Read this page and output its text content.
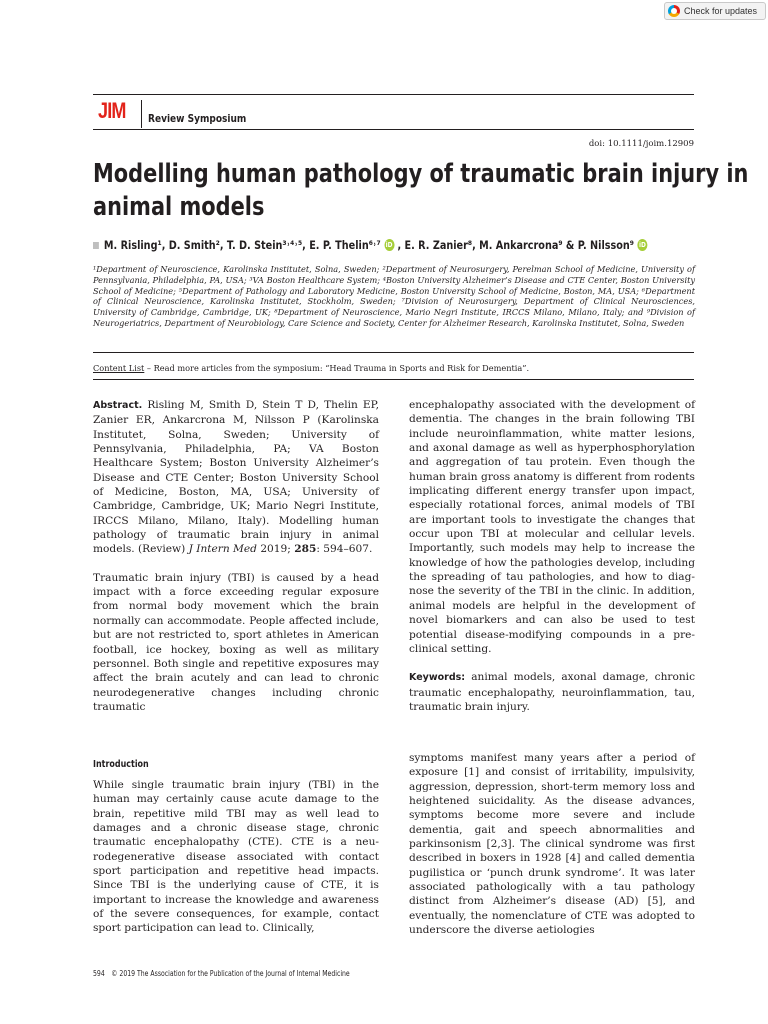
Check for updates
JIM Review Symposium
doi: 10.1111/joim.12909
Modelling human pathology of traumatic brain injury in
animal models
M. Risling¹, D. Smith², T. D. Stein³˒⁴˒⁵, E. P. Thelin⁶˒⁷ iD , E. R. Zanier⁸, M. Ankarcrona⁹ & P. Nilsson⁹ iD
¹Department of Neuroscience, Karolinska Institutet, Solna, Sweden; ²Department of Neurosurgery, Perelman School of Medicine, University of Pennsylvania, Philadelphia, PA, USA; ³VA Boston Healthcare System; ⁴Boston University Alzheimer’s Disease and CTE Center, Boston University School of Medicine; ⁵Department of Pathology and Laboratory Medicine, Boston University School of Medicine, Boston, MA, USA; ⁶Department of Clinical Neuroscience, Karolinska Institutet, Stockholm, Sweden; ⁷Division of Neurosurgery, Department of Clinical Neurosciences, University of Cambridge, Cambridge, UK; ⁸Department of Neuroscience, Mario Negri Institute, IRCCS Milano, Milano, Italy; and ⁹Division of Neurogeriatrics, Department of Neurobiology, Care Science and Society, Center for Alzheimer Research, Karolinska Institutet, Solna, Sweden
Content List – Read more articles from the symposium: “Head Trauma in Sports and Risk for Dementia”.

Abstract. Risling M, Smith D, Stein T D, Thelin EP, Zanier ER, Ankarcrona M, Nilsson P (Karolinska Institutet, Solna, Sweden; University of Pennsylvania, Philadelphia, PA; VA Boston Healthcare System; Boston University Alzheimer’s Disease and CTE Center; Boston University School of Medicine, Boston, MA, USA; University of Cambridge, Cambridge, UK; Mario Negri Institute, IRCCS Milano, Milano, Italy). Modelling human pathology of traumatic brain injury in animal models. (Review) J Intern Med 2019; 285: 594–607.

Traumatic brain injury (TBI) is caused by a head impact with a force exceeding regular exposure from normal body movement which the brain normally can accommodate. People affected include, but are not restricted to, sport athletes in American football, ice hockey, boxing as well as military personnel. Both single and repetitive exposures may affect the brain acutely and can lead to chronic neurodegenerative changes including chronic traumatic

encephalopathy associated with the development of dementia. The changes in the brain following TBI include neuroinflammation, white matter lesions, and axonal damage as well as hyperphosphorylation and aggregation of tau protein. Even though the human brain gross anatomy is different from rodents implicating different energy transfer upon impact, especially rotational forces, animal models of TBI are important tools to investigate the changes that occur upon TBI at molecular and cellular levels. Importantly, such models may help to increase the knowledge of how the pathologies develop, including the spreading of tau pathologies, and how to diagnose the severity of the TBI in the clinic. In addition, animal models are helpful in the development of novel biomarkers and can also be used to test potential disease-modifying compounds in a pre-clinical setting.

Keywords: animal models, axonal damage, chronic traumatic encephalopathy, neuroinflammation, tau, traumatic brain injury.

Introduction
While single traumatic brain injury (TBI) in the human may certainly cause acute damage to the brain, repetitive mild TBI may as well lead to damages and a chronic disease stage, chronic traumatic encephalopathy (CTE). CTE is a neurodegenerative disease associated with contact sport participation and repetitive head impacts. Since TBI is the underlying cause of CTE, it is important to increase the knowledge and awareness of the severe consequences, for example, contact sport participation can lead to. Clinically,
symptoms manifest many years after a period of exposure [1] and consist of irritability, impulsivity, aggression, depression, short-term memory loss and heightened suicidality. As the disease advances, symptoms become more severe and include dementia, gait and speech abnormalities and parkinsonism [2,3]. The clinical syndrome was first described in boxers in 1928 [4] and called dementia pugilistica or ‘punch drunk syndrome’. It was later associated pathologically with a tau pathology distinct from Alzheimer’s disease (AD) [5], and eventually, the nomenclature of CTE was adopted to underscore the diverse aetiologies
594 © 2019 The Association for the Publication of the Journal of Internal Medicine
